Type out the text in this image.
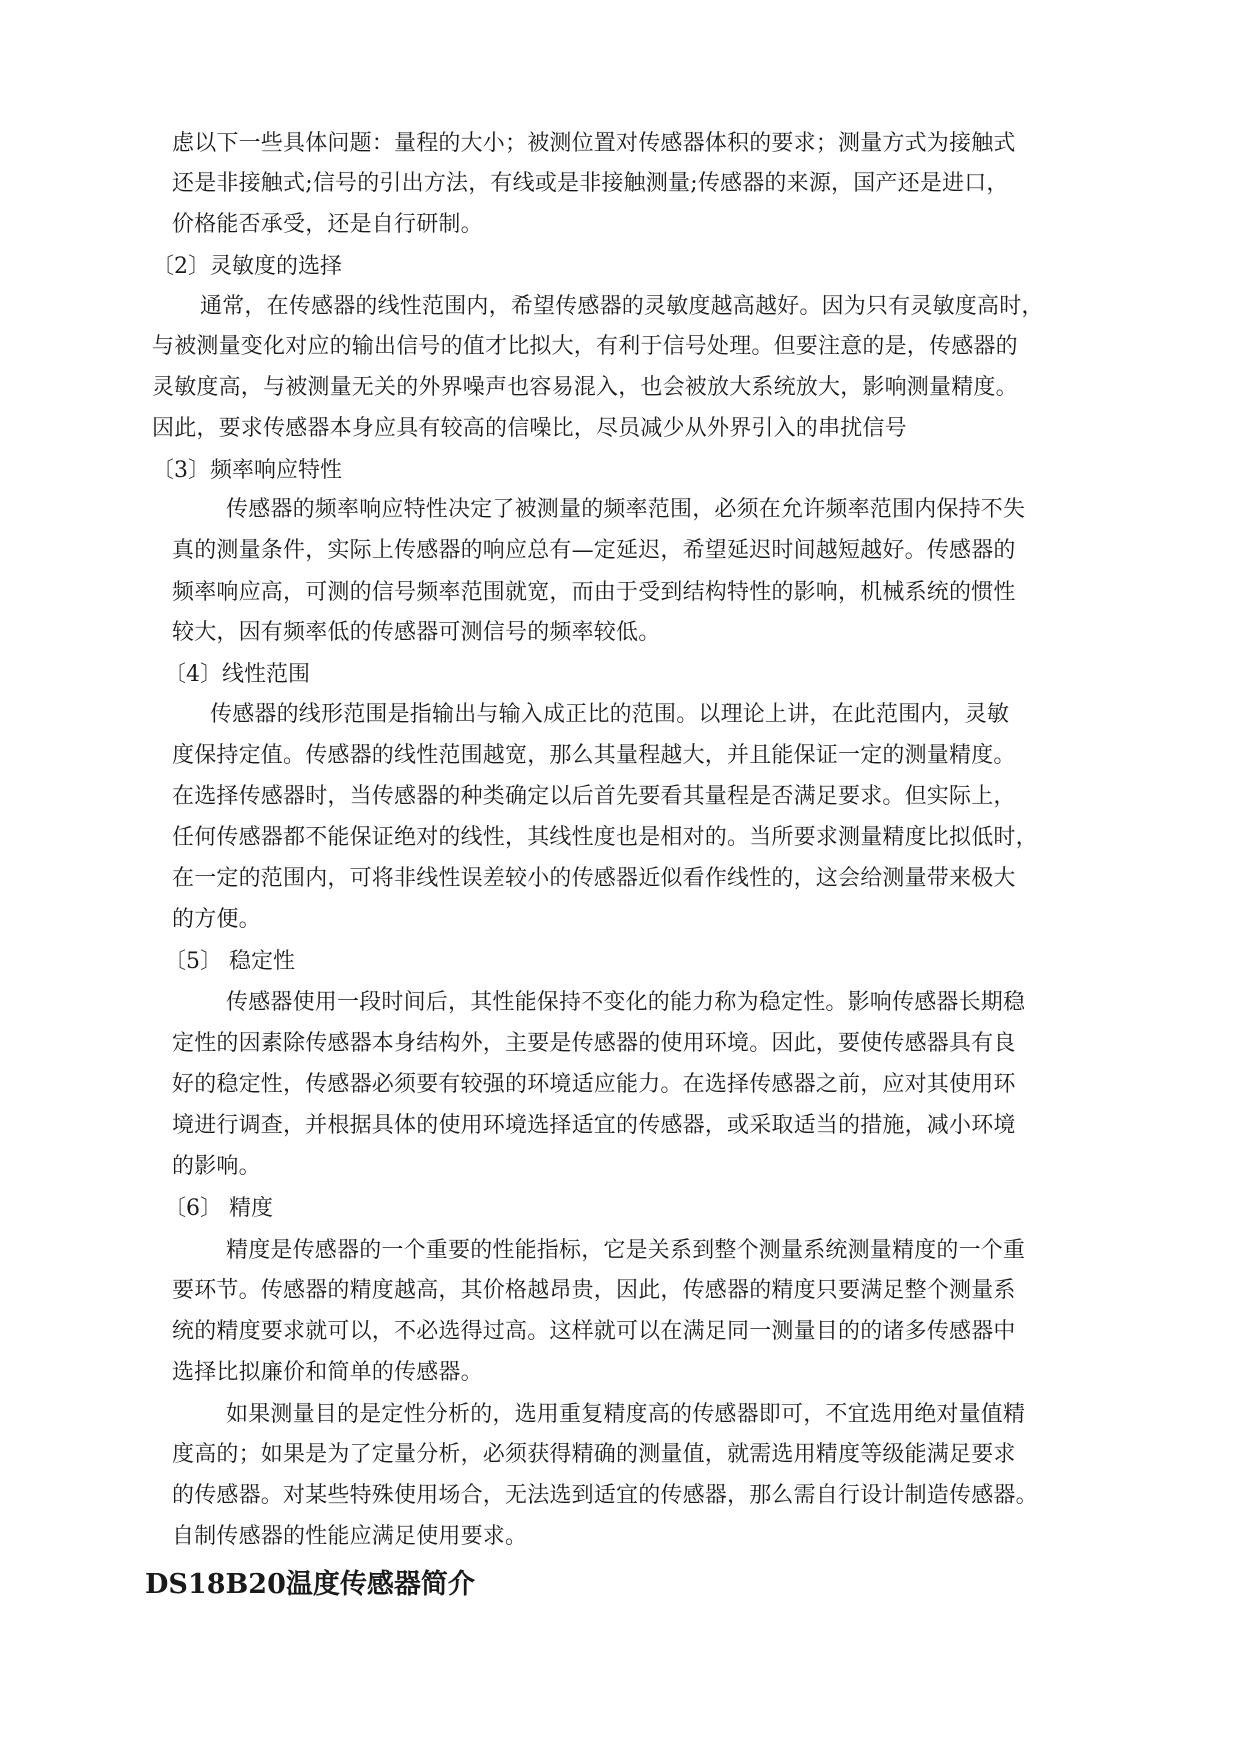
虑以下一些具体问题：量程的大小；被测位置对传感器体积的要求；测量方式为接触式
还是非接触式;信号的引出方法，有线或是非接触测量;传感器的来源，国产还是进口，
价格能否承受，还是自行研制。
〔2〕灵敏度的选择
通常，在传感器的线性范围内，希望传感器的灵敏度越高越好。因为只有灵敏度高时，
与被测量变化对应的输出信号的值才比拟大，有利于信号处理。但要注意的是，传感器的
灵敏度高，与被测量无关的外界噪声也容易混入，也会被放大系统放大，影响测量精度。
因此，要求传感器本身应具有较高的信噪比，尽员减少从外界引入的串扰信号
〔3〕频率响应特性
传感器的频率响应特性决定了被测量的频率范围，必须在允许频率范围内保持不失
真的测量条件，实际上传感器的响应总有—定延迟，希望延迟时间越短越好。传感器的
频率响应高，可测的信号频率范围就宽，而由于受到结构特性的影响，机械系统的惯性
较大，因有频率低的传感器可测信号的频率较低。
〔4〕线性范围
传感器的线形范围是指输出与输入成正比的范围。以理论上讲，在此范围内，灵敏
度保持定值。传感器的线性范围越宽，那么其量程越大，并且能保证一定的测量精度。
在选择传感器时，当传感器的种类确定以后首先要看其量程是否满足要求。但实际上，
任何传感器都不能保证绝对的线性，其线性度也是相对的。当所要求测量精度比拟低时，
在一定的范围内，可将非线性误差较小的传感器近似看作线性的，这会给测量带来极大
的方便。
〔5〕 稳定性
传感器使用一段时间后，其性能保持不变化的能力称为稳定性。影响传感器长期稳
定性的因素除传感器本身结构外，主要是传感器的使用环境。因此，要使传感器具有良
好的稳定性，传感器必须要有较强的环境适应能力。在选择传感器之前，应对其使用环
境进行调查，并根据具体的使用环境选择适宜的传感器，或采取适当的措施，减小环境
的影响。
〔6〕 精度
精度是传感器的一个重要的性能指标，它是关系到整个测量系统测量精度的一个重
要环节。传感器的精度越高，其价格越昂贵，因此，传感器的精度只要满足整个测量系
统的精度要求就可以，不必选得过高。这样就可以在满足同一测量目的的诸多传感器中
选择比拟廉价和简单的传感器。
如果测量目的是定性分析的，选用重复精度高的传感器即可，不宜选用绝对量值精
度高的；如果是为了定量分析，必须获得精确的测量值，就需选用精度等级能满足要求
的传感器。对某些特殊使用场合，无法选到适宜的传感器，那么需自行设计制造传感器。
自制传感器的性能应满足使用要求。
DS18B20温度传感器简介
